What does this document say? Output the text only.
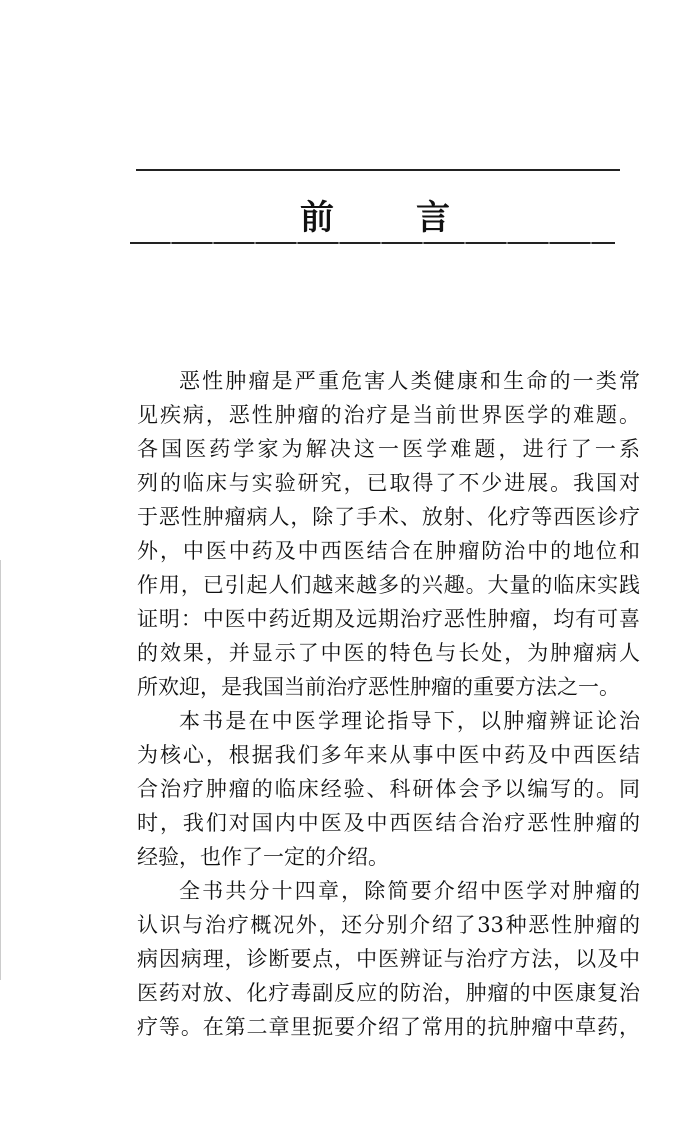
前 言
恶性肿瘤是严重危害人类健康和生命的一类常
见疾病，恶性肿瘤的治疗是当前世界医学的难题。
各国医药学家为解决这一医学难题，进行了一系
列的临床与实验研究，已取得了不少进展。我国对
于恶性肿瘤病人，除了手术、放射、化疗等西医诊疗
外，中医中药及中西医结合在肿瘤防治中的地位和
作用，已引起人们越来越多的兴趣。大量的临床实践
证明：中医中药近期及远期治疗恶性肿瘤，均有可喜
的效果，并显示了中医的特色与长处，为肿瘤病人
所欢迎，是我国当前治疗恶性肿瘤的重要方法之一。
本书是在中医学理论指导下，以肿瘤辨证论治
为核心，根据我们多年来从事中医中药及中西医结
合治疗肿瘤的临床经验、科研体会予以编写的。同
时，我们对国内中医及中西医结合治疗恶性肿瘤的
经验，也作了一定的介绍。
全书共分十四章，除简要介绍中医学对肿瘤的
认识与治疗概况外，还分别介绍了33种恶性肿瘤的
病因病理，诊断要点，中医辨证与治疗方法，以及中
医药对放、化疗毒副反应的防治，肿瘤的中医康复治
疗等。在第二章里扼要介绍了常用的抗肿瘤中草药，
